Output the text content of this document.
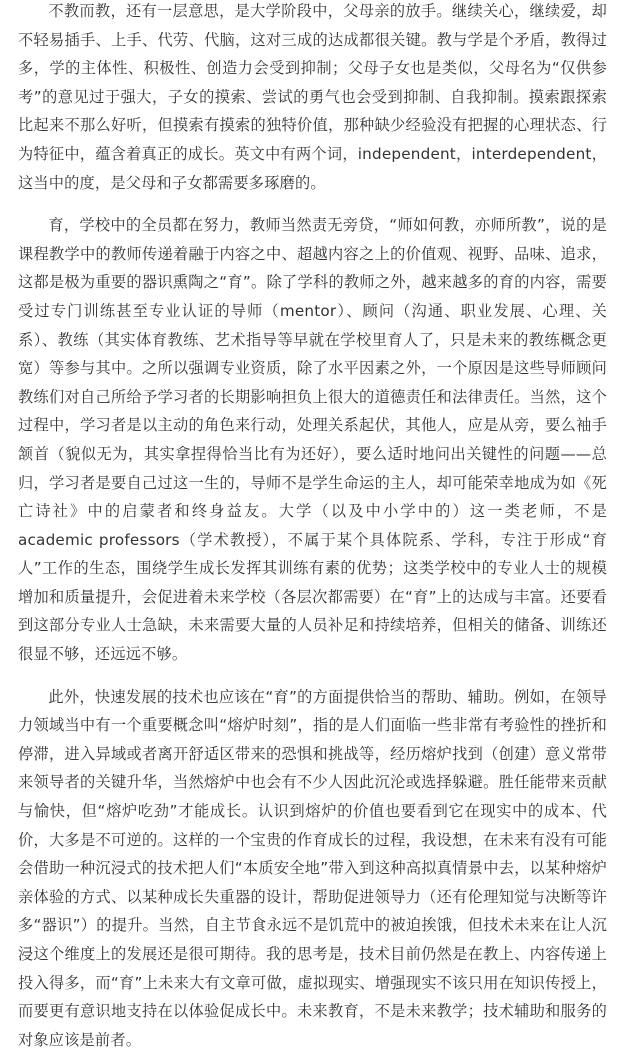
不教而教，还有一层意思，是大学阶段中，父母亲的放手。继续关心，继续爱，却不轻易插手、上手、代劳、代脑，这对三成的达成都很关键。教与学是个矛盾，教得过多，学的主体性、积极性、创造力会受到抑制；父母子女也是类似，父母名为“仅供参考”的意见过于强大，子女的摸索、尝试的勇气也会受到抑制、自我抑制。摸索跟探索比起来不那么好听，但摸索有摸索的独特价值，那种缺少经验没有把握的心理状态、行为特征中，蕴含着真正的成长。英文中有两个词，independent，interdependent，这当中的度，是父母和子女都需要多琢磨的。

育，学校中的全员都在努力，教师当然责无旁贷，“师如何教，亦师所教”，说的是课程教学中的教师传递着融于内容之中、超越内容之上的价值观、视野、品味、追求，这都是极为重要的器识熏陶之“育”。除了学科的教师之外，越来越多的育的内容，需要受过专门训练甚至专业认证的导师（mentor）、顾问（沟通、职业发展、心理、关系）、教练（其实体育教练、艺术指导等早就在学校里育人了，只是未来的教练概念更宽）等参与其中。之所以强调专业资质，除了水平因素之外，一个原因是这些导师顾问教练们对自己所给予学习者的长期影响担负上很大的道德责任和法律责任。当然，这个过程中，学习者是以主动的角色来行动，处理关系起伏，其他人，应是从旁，要么袖手颔首（貌似无为，其实拿捏得恰当比有为还好），要么适时地问出关键性的问题——总归，学习者是要自己过这一生的，导师不是学生命运的主人，却可能荣幸地成为如《死亡诗社》中的启蒙者和终身益友。大学（以及中小学中的）这一类老师，不是academic professors（学术教授），不属于某个具体院系、学科，专注于形成“育人”工作的生态，围绕学生成长发挥其训练有素的优势；这类学校中的专业人士的规模增加和质量提升，会促进着未来学校（各层次都需要）在“育”上的达成与丰富。还要看到这部分专业人士急缺，未来需要大量的人员补足和持续培养，但相关的储备、训练还很显不够，还远远不够。

此外，快速发展的技术也应该在“育”的方面提供恰当的帮助、辅助。例如，在领导力领域当中有一个重要概念叫“熔炉时刻”，指的是人们面临一些非常有考验性的挫折和停滞，进入异域或者离开舒适区带来的恐惧和挑战等，经历熔炉找到（创建）意义常带来领导者的关键升华，当然熔炉中也会有不少人因此沉沦或选择躲避。胜任能带来贡献与愉快，但“熔炉吃劲”才能成长。认识到熔炉的价值也要看到它在现实中的成本、代价，大多是不可逆的。这样的一个宝贵的作育成长的过程，我设想，在未来有没有可能会借助一种沉浸式的技术把人们“本质安全地”带入到这种高拟真情景中去，以某种熔炉亲体验的方式、以某种成长失重器的设计，帮助促进领导力（还有伦理知觉与决断等许多“器识”）的提升。当然，自主节食永远不是饥荒中的被迫挨饿，但技术未来在让人沉浸这个维度上的发展还是很可期待。我的思考是，技术目前仍然是在教上、内容传递上投入得多，而“育”上未来大有文章可做，虚拟现实、增强现实不该只用在知识传授上，而要更有意识地支持在以体验促成长中。未来教育，不是未来教学；技术辅助和服务的对象应该是前者。
